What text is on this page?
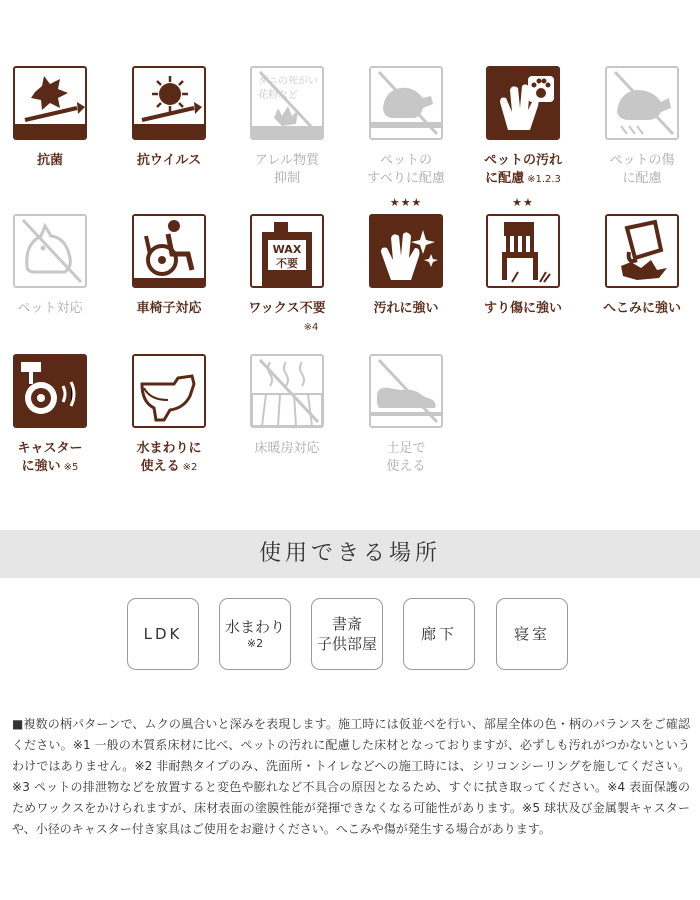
抗菌	抗ウイルス
ダニの死がい
花粉など
アレル物質
抑制
ペットの
すべりに配慮
ペットの汚れ
に配慮 ※1.2.3
ペットの傷
に配慮
ペット対応	車椅子対応
WAX
不要
ワックス不要
※4
★★★
汚れに強い
★★
すり傷に強い	へこみに強い
キャスター
に強い ※5
水まわりに
使える ※2
床暖房対応	土足で
使える
使用できる場所
LDK	水まわり
※2
書斎
子供部屋
廊下	寝室
■複数の柄パターンで、ムクの風合いと深みを表現します。施工時には仮並べを行い、部屋全体の色・柄のバランスをご確認ください。※1 一般の木質系床材に比べ、ペットの汚れに配慮した床材となっておりますが、必ずしも汚れがつかないというわけではありません。※2 非耐熱タイプのみ、洗面所・トイレなどへの施工時には、シリコンシーリングを施してください。※3 ペットの排泄物などを放置すると変色や膨れなど不具合の原因となるため、すぐに拭き取ってください。※4 表面保護のためワックスをかけられますが、床材表面の塗膜性能が発揮できなくなる可能性があります。※5 球状及び金属製キャスターや、小径のキャスター付き家具はご使用をお避けください。へこみや傷が発生する場合があります。
